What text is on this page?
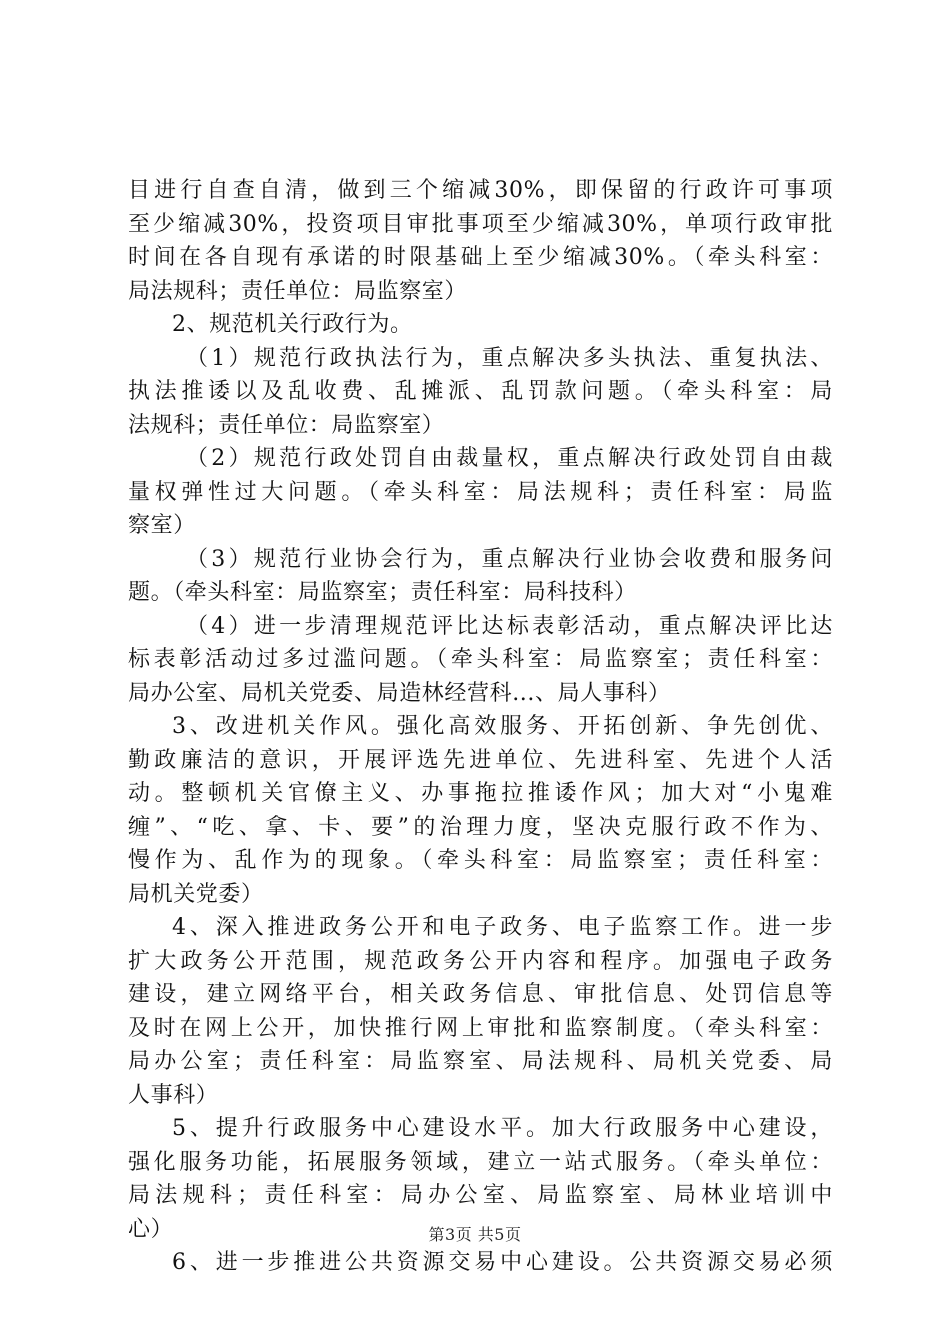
目进行自查自清，做到三个缩减30%，即保留的行政许可事项
至少缩减30%，投资项目审批事项至少缩减30%，单项行政审批
时间在各自现有承诺的时限基础上至少缩减30%。（牵头科室：
局法规科；责任单位：局监察室）
2、规范机关行政行为。
（1）规范行政执法行为，重点解决多头执法、重复执法、
执法推诿以及乱收费、乱摊派、乱罚款问题。（牵头科室：局
法规科；责任单位：局监察室）
（2）规范行政处罚自由裁量权，重点解决行政处罚自由裁
量权弹性过大问题。（牵头科室：局法规科；责任科室：局监
察室）
（3）规范行业协会行为，重点解决行业协会收费和服务问
题。（牵头科室：局监察室；责任科室：局科技科）
（4）进一步清理规范评比达标表彰活动，重点解决评比达
标表彰活动过多过滥问题。（牵头科室：局监察室；责任科室：
局办公室、局机关党委、局造林经营科...、局人事科）
3、改进机关作风。强化高效服务、开拓创新、争先创优、
勤政廉洁的意识，开展评选先进单位、先进科室、先进个人活
动。整顿机关官僚主义、办事拖拉推诿作风；加大对“小鬼难
缠”、“吃、拿、卡、要”的治理力度，坚决克服行政不作为、
慢作为、乱作为的现象。（牵头科室：局监察室；责任科室：
局机关党委）
4、深入推进政务公开和电子政务、电子监察工作。进一步
扩大政务公开范围，规范政务公开内容和程序。加强电子政务
建设，建立网络平台，相关政务信息、审批信息、处罚信息等
及时在网上公开，加快推行网上审批和监察制度。（牵头科室：
局办公室；责任科室：局监察室、局法规科、局机关党委、局
人事科）
5、提升行政服务中心建设水平。加大行政服务中心建设，
强化服务功能，拓展服务领域，建立一站式服务。（牵头单位：
局法规科；责任科室：局办公室、局监察室、局林业培训中
心）
6、进一步推进公共资源交易中心建设。公共资源交易必须
第3页 共5页
